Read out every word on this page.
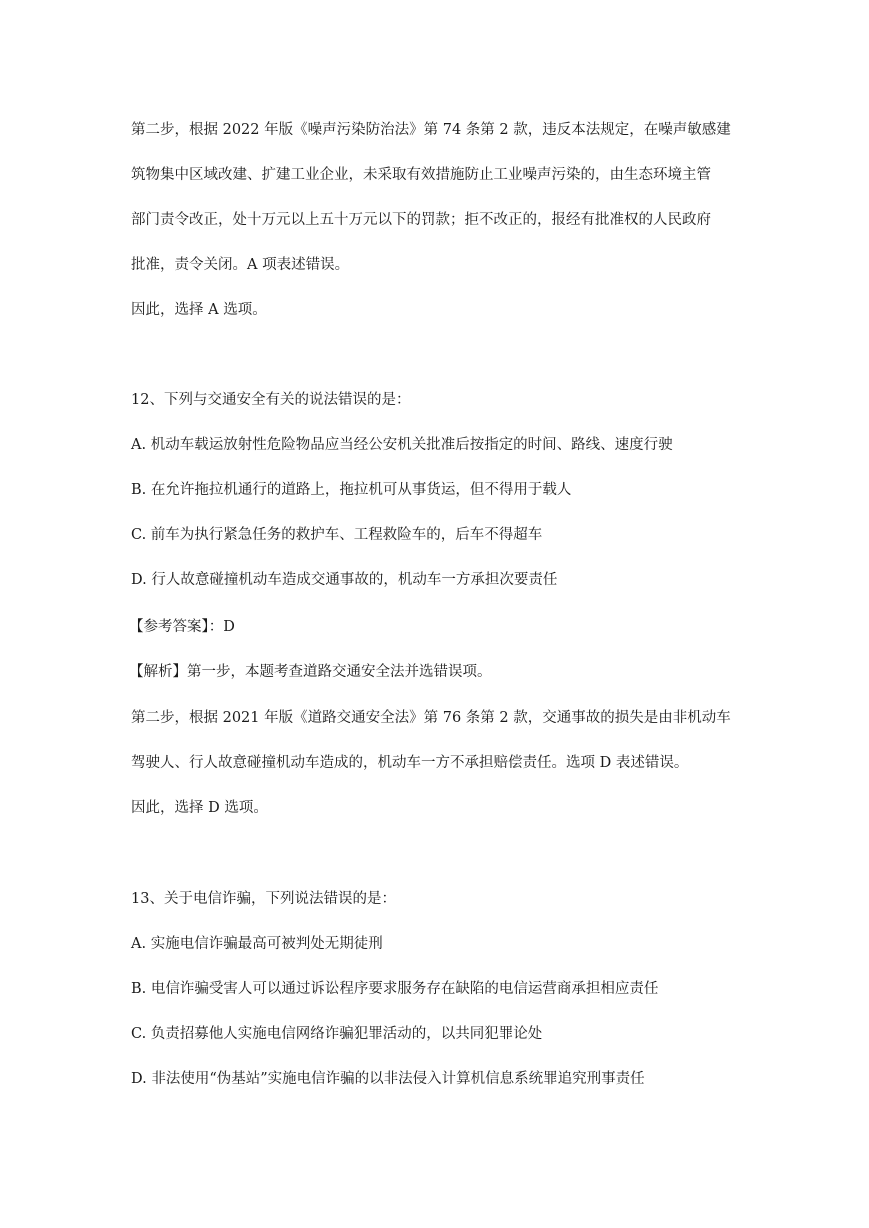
第二步，根据 2022 年版《噪声污染防治法》第 74 条第 2 款，违反本法规定，在噪声敏感建
筑物集中区域改建、扩建工业企业，未采取有效措施防止工业噪声污染的，由生态环境主管
部门责令改正，处十万元以上五十万元以下的罚款；拒不改正的，报经有批准权的人民政府
批准，责令关闭。A 项表述错误。
因此，选择 A 选项。
12、下列与交通安全有关的说法错误的是：
A. 机动车载运放射性危险物品应当经公安机关批准后按指定的时间、路线、速度行驶
B. 在允许拖拉机通行的道路上，拖拉机可从事货运，但不得用于载人
C. 前车为执行紧急任务的救护车、工程救险车的，后车不得超车
D. 行人故意碰撞机动车造成交通事故的，机动车一方承担次要责任
【参考答案】：D
【解析】第一步，本题考查道路交通安全法并选错误项。
第二步，根据 2021 年版《道路交通安全法》第 76 条第 2 款，交通事故的损失是由非机动车
驾驶人、行人故意碰撞机动车造成的，机动车一方不承担赔偿责任。选项 D 表述错误。
因此，选择 D 选项。
13、关于电信诈骗，下列说法错误的是：
A. 实施电信诈骗最高可被判处无期徒刑
B. 电信诈骗受害人可以通过诉讼程序要求服务存在缺陷的电信运营商承担相应责任
C. 负责招募他人实施电信网络诈骗犯罪活动的，以共同犯罪论处
D. 非法使用“伪基站”实施电信诈骗的以非法侵入计算机信息系统罪追究刑事责任
